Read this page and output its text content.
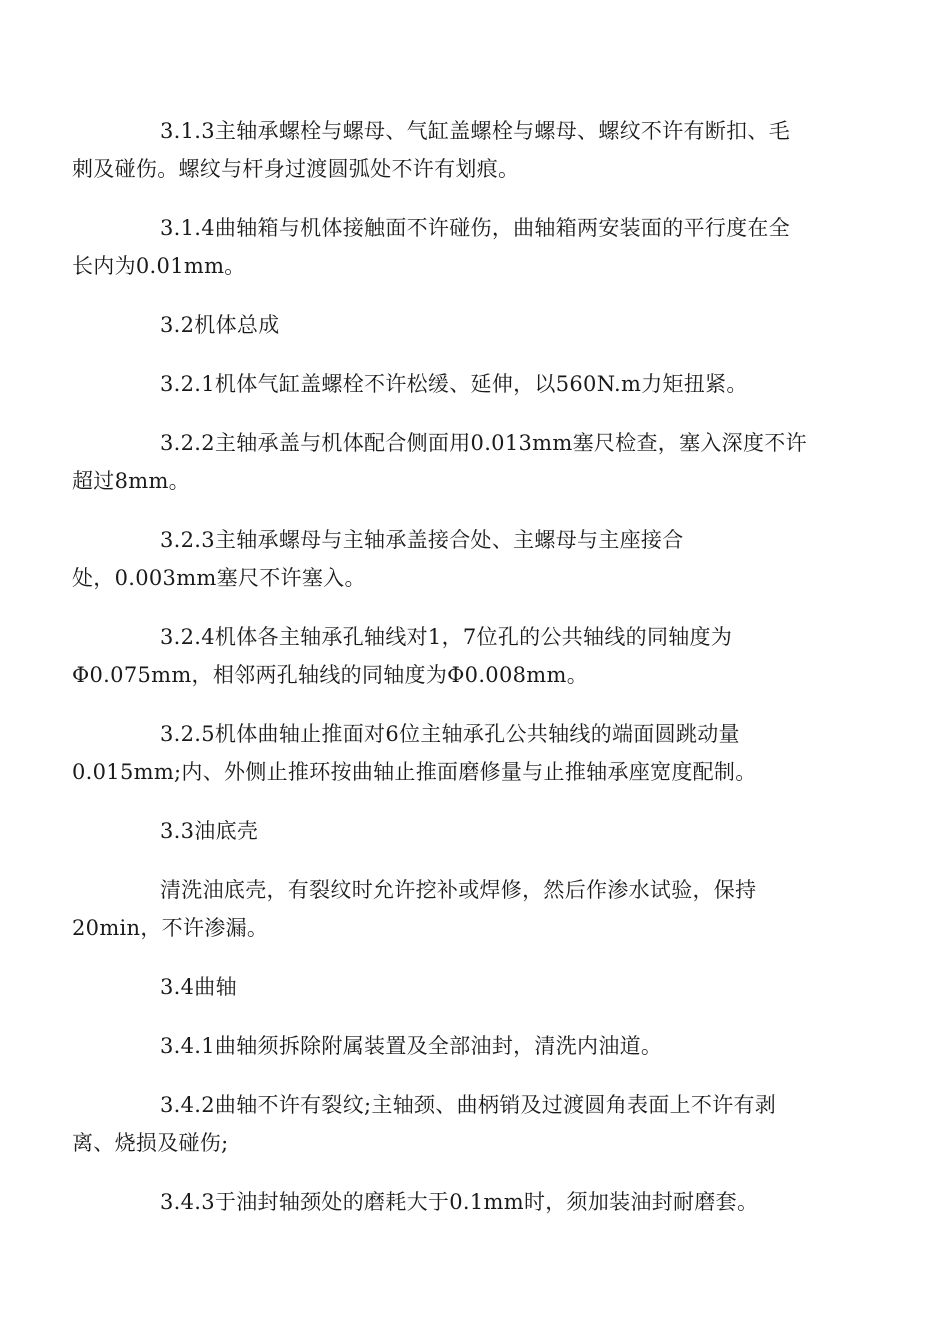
3.1.3主轴承螺栓与螺母、气缸盖螺栓与螺母、螺纹不许有断扣、毛
刺及碰伤。螺纹与杆身过渡圆弧处不许有划痕。

3.1.4曲轴箱与机体接触面不许碰伤，曲轴箱两安装面的平行度在全
长内为0.01mm。

3.2机体总成

3.2.1机体气缸盖螺栓不许松缓、延伸，以560N.m力矩扭紧。

3.2.2主轴承盖与机体配合侧面用0.013mm塞尺检查，塞入深度不许
超过8mm。

3.2.3主轴承螺母与主轴承盖接合处、主螺母与主座接合
处，0.003mm塞尺不许塞入。

3.2.4机体各主轴承孔轴线对1，7位孔的公共轴线的同轴度为
Φ0.075mm，相邻两孔轴线的同轴度为Φ0.008mm。

3.2.5机体曲轴止推面对6位主轴承孔公共轴线的端面圆跳动量
0.015mm;内、外侧止推环按曲轴止推面磨修量与止推轴承座宽度配制。

3.3油底壳

清洗油底壳，有裂纹时允许挖补或焊修，然后作渗水试验，保持
20min，不许渗漏。

3.4曲轴

3.4.1曲轴须拆除附属装置及全部油封，清洗内油道。

3.4.2曲轴不许有裂纹;主轴颈、曲柄销及过渡圆角表面上不许有剥
离、烧损及碰伤;

3.4.3于油封轴颈处的磨耗大于0.1mm时，须加装油封耐磨套。
